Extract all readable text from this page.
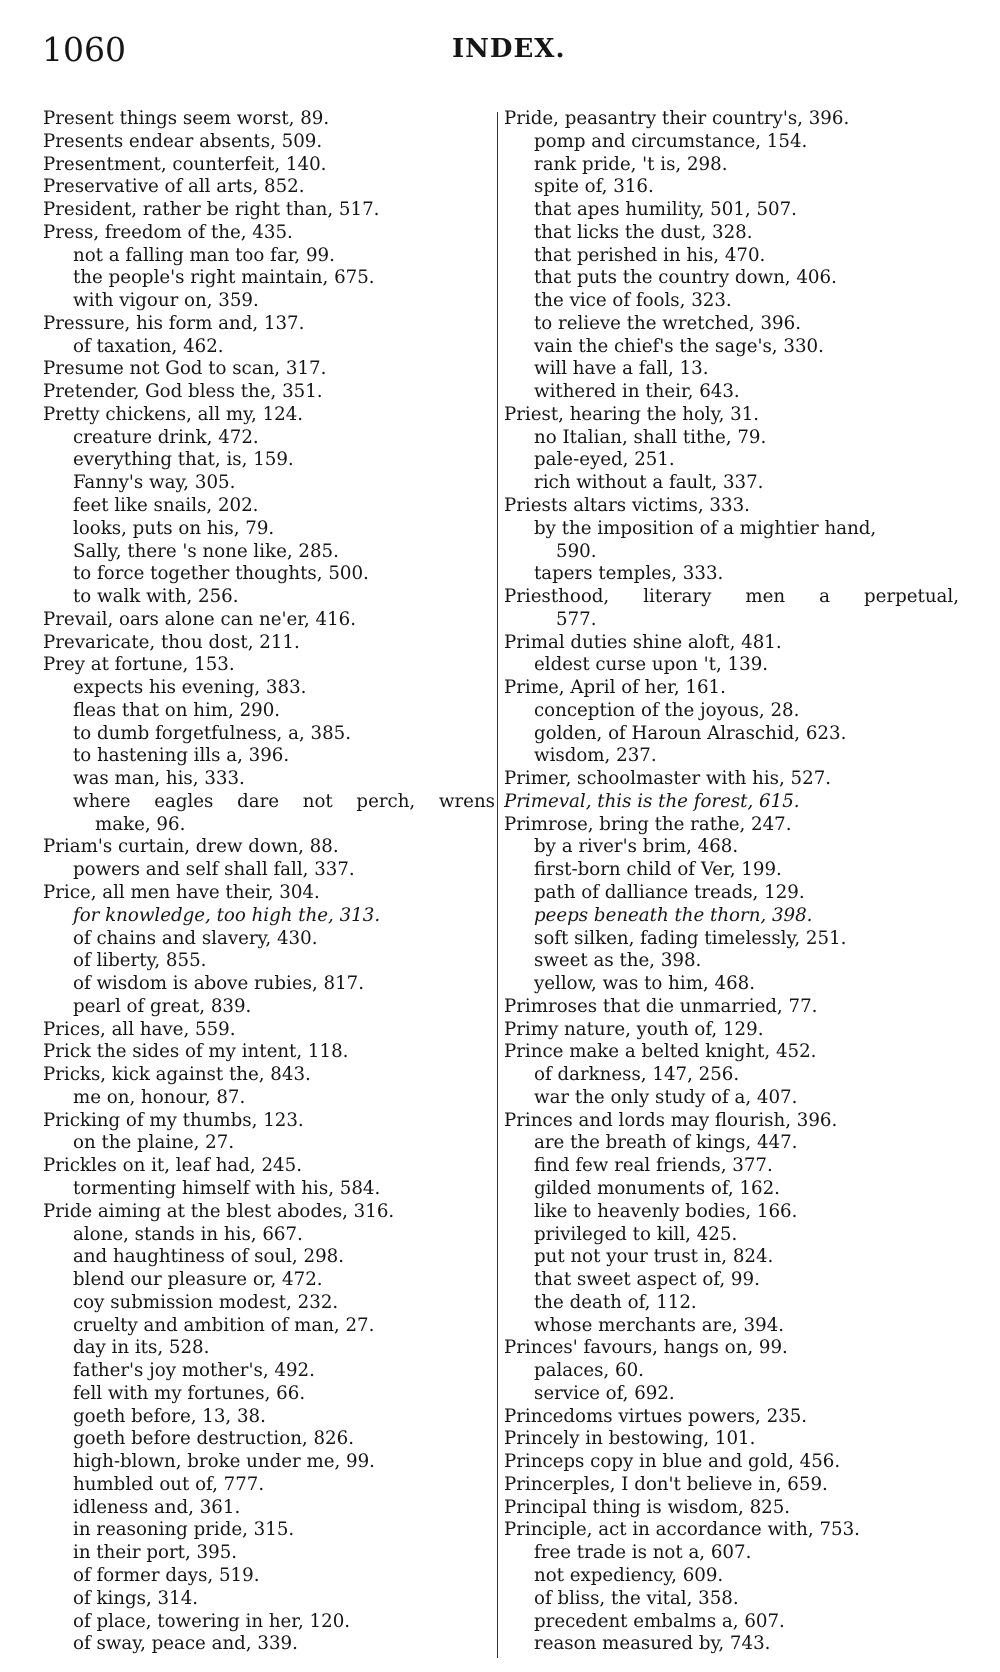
1060	INDEX.
Present things seem worst, 89.
Presents endear absents, 509.
Presentment, counterfeit, 140.
Preservative of all arts, 852.
President, rather be right than, 517.
Press, freedom of the, 435.
not a falling man too far, 99.
the people's right maintain, 675.
with vigour on, 359.
Pressure, his form and, 137.
of taxation, 462.
Presume not God to scan, 317.
Pretender, God bless the, 351.
Pretty chickens, all my, 124.
creature drink, 472.
everything that, is, 159.
Fanny's way, 305.
feet like snails, 202.
looks, puts on his, 79.
Sally, there 's none like, 285.
to force together thoughts, 500.
to walk with, 256.
Prevail, oars alone can ne'er, 416.
Prevaricate, thou dost, 211.
Prey at fortune, 153.
expects his evening, 383.
fleas that on him, 290.
to dumb forgetfulness, a, 385.
to hastening ills a, 396.
was man, his, 333.
where eagles dare not perch, wrens
make, 96.
Priam's curtain, drew down, 88.
powers and self shall fall, 337.
Price, all men have their, 304.
for knowledge, too high the, 313.
of chains and slavery, 430.
of liberty, 855.
of wisdom is above rubies, 817.
pearl of great, 839.
Prices, all have, 559.
Prick the sides of my intent, 118.
Pricks, kick against the, 843.
me on, honour, 87.
Pricking of my thumbs, 123.
on the plaine, 27.
Prickles on it, leaf had, 245.
tormenting himself with his, 584.
Pride aiming at the blest abodes, 316.
alone, stands in his, 667.
and haughtiness of soul, 298.
blend our pleasure or, 472.
coy submission modest, 232.
cruelty and ambition of man, 27.
day in its, 528.
father's joy mother's, 492.
fell with my fortunes, 66.
goeth before, 13, 38.
goeth before destruction, 826.
high-blown, broke under me, 99.
humbled out of, 777.
idleness and, 361.
in reasoning pride, 315.
in their port, 395.
of former days, 519.
of kings, 314.
of place, towering in her, 120.
of sway, peace and, 339.
Pride, peasantry their country's, 396.
pomp and circumstance, 154.
rank pride, 't is, 298.
spite of, 316.
that apes humility, 501, 507.
that licks the dust, 328.
that perished in his, 470.
that puts the country down, 406.
the vice of fools, 323.
to relieve the wretched, 396.
vain the chief's the sage's, 330.
will have a fall, 13.
withered in their, 643.
Priest, hearing the holy, 31.
no Italian, shall tithe, 79.
pale-eyed, 251.
rich without a fault, 337.
Priests altars victims, 333.
by the imposition of a mightier hand,
590.
tapers temples, 333.
Priesthood, literary men a perpetual,
577.
Primal duties shine aloft, 481.
eldest curse upon 't, 139.
Prime, April of her, 161.
conception of the joyous, 28.
golden, of Haroun Alraschid, 623.
wisdom, 237.
Primer, schoolmaster with his, 527.
Primeval, this is the forest, 615.
Primrose, bring the rathe, 247.
by a river's brim, 468.
first-born child of Ver, 199.
path of dalliance treads, 129.
peeps beneath the thorn, 398.
soft silken, fading timelessly, 251.
sweet as the, 398.
yellow, was to him, 468.
Primroses that die unmarried, 77.
Primy nature, youth of, 129.
Prince make a belted knight, 452.
of darkness, 147, 256.
war the only study of a, 407.
Princes and lords may flourish, 396.
are the breath of kings, 447.
find few real friends, 377.
gilded monuments of, 162.
like to heavenly bodies, 166.
privileged to kill, 425.
put not your trust in, 824.
that sweet aspect of, 99.
the death of, 112.
whose merchants are, 394.
Princes' favours, hangs on, 99.
palaces, 60.
service of, 692.
Princedoms virtues powers, 235.
Princely in bestowing, 101.
Princeps copy in blue and gold, 456.
Princerples, I don't believe in, 659.
Principal thing is wisdom, 825.
Principle, act in accordance with, 753.
free trade is not a, 607.
not expediency, 609.
of bliss, the vital, 358.
precedent embalms a, 607.
reason measured by, 743.
